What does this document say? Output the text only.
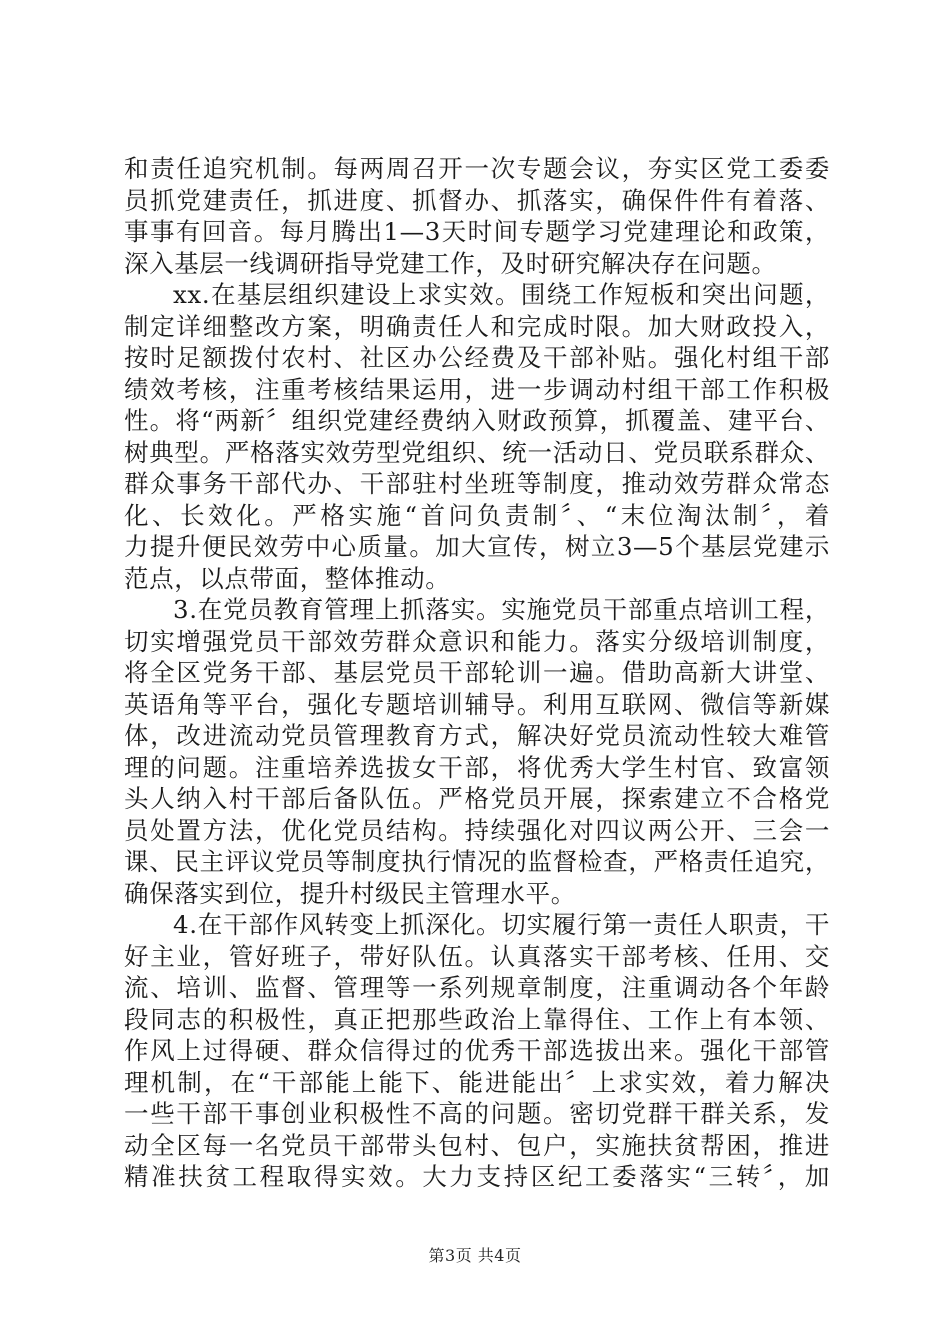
和责任追究机制。每两周召开一次专题会议，夯实区党工委委
员抓党建责任，抓进度、抓督办、抓落实，确保件件有着落、
事事有回音。每月腾出1—3天时间专题学习党建理论和政策，
深入基层一线调研指导党建工作，及时研究解决存在问题。
xx.在基层组织建设上求实效。围绕工作短板和突出问题，
制定详细整改方案，明确责任人和完成时限。加大财政投入，
按时足额拨付农村、社区办公经费及干部补贴。强化村组干部
绩效考核，注重考核结果运用，进一步调动村组干部工作积极
性。将“两新〞组织党建经费纳入财政预算，抓覆盖、建平台、
树典型。严格落实效劳型党组织、统一活动日、党员联系群众、
群众事务干部代办、干部驻村坐班等制度，推动效劳群众常态
化、长效化。严格实施“首问负责制〞、“末位淘汰制〞，着
力提升便民效劳中心质量。加大宣传，树立3—5个基层党建示
范点，以点带面，整体推动。
3.在党员教育管理上抓落实。实施党员干部重点培训工程，
切实增强党员干部效劳群众意识和能力。落实分级培训制度，
将全区党务干部、基层党员干部轮训一遍。借助高新大讲堂、
英语角等平台，强化专题培训辅导。利用互联网、微信等新媒
体，改进流动党员管理教育方式，解决好党员流动性较大难管
理的问题。注重培养选拔女干部，将优秀大学生村官、致富领
头人纳入村干部后备队伍。严格党员开展，探索建立不合格党
员处置方法，优化党员结构。持续强化对四议两公开、三会一
课、民主评议党员等制度执行情况的监督检查，严格责任追究，
确保落实到位，提升村级民主管理水平。
4.在干部作风转变上抓深化。切实履行第一责任人职责，干
好主业，管好班子，带好队伍。认真落实干部考核、任用、交
流、培训、监督、管理等一系列规章制度，注重调动各个年龄
段同志的积极性，真正把那些政治上靠得住、工作上有本领、
作风上过得硬、群众信得过的优秀干部选拔出来。强化干部管
理机制，在“干部能上能下、能进能出〞上求实效，着力解决
一些干部干事创业积极性不高的问题。密切党群干群关系，发
动全区每一名党员干部带头包村、包户，实施扶贫帮困，推进
精准扶贫工程取得实效。大力支持区纪工委落实“三转〞，加
第3页 共4页
